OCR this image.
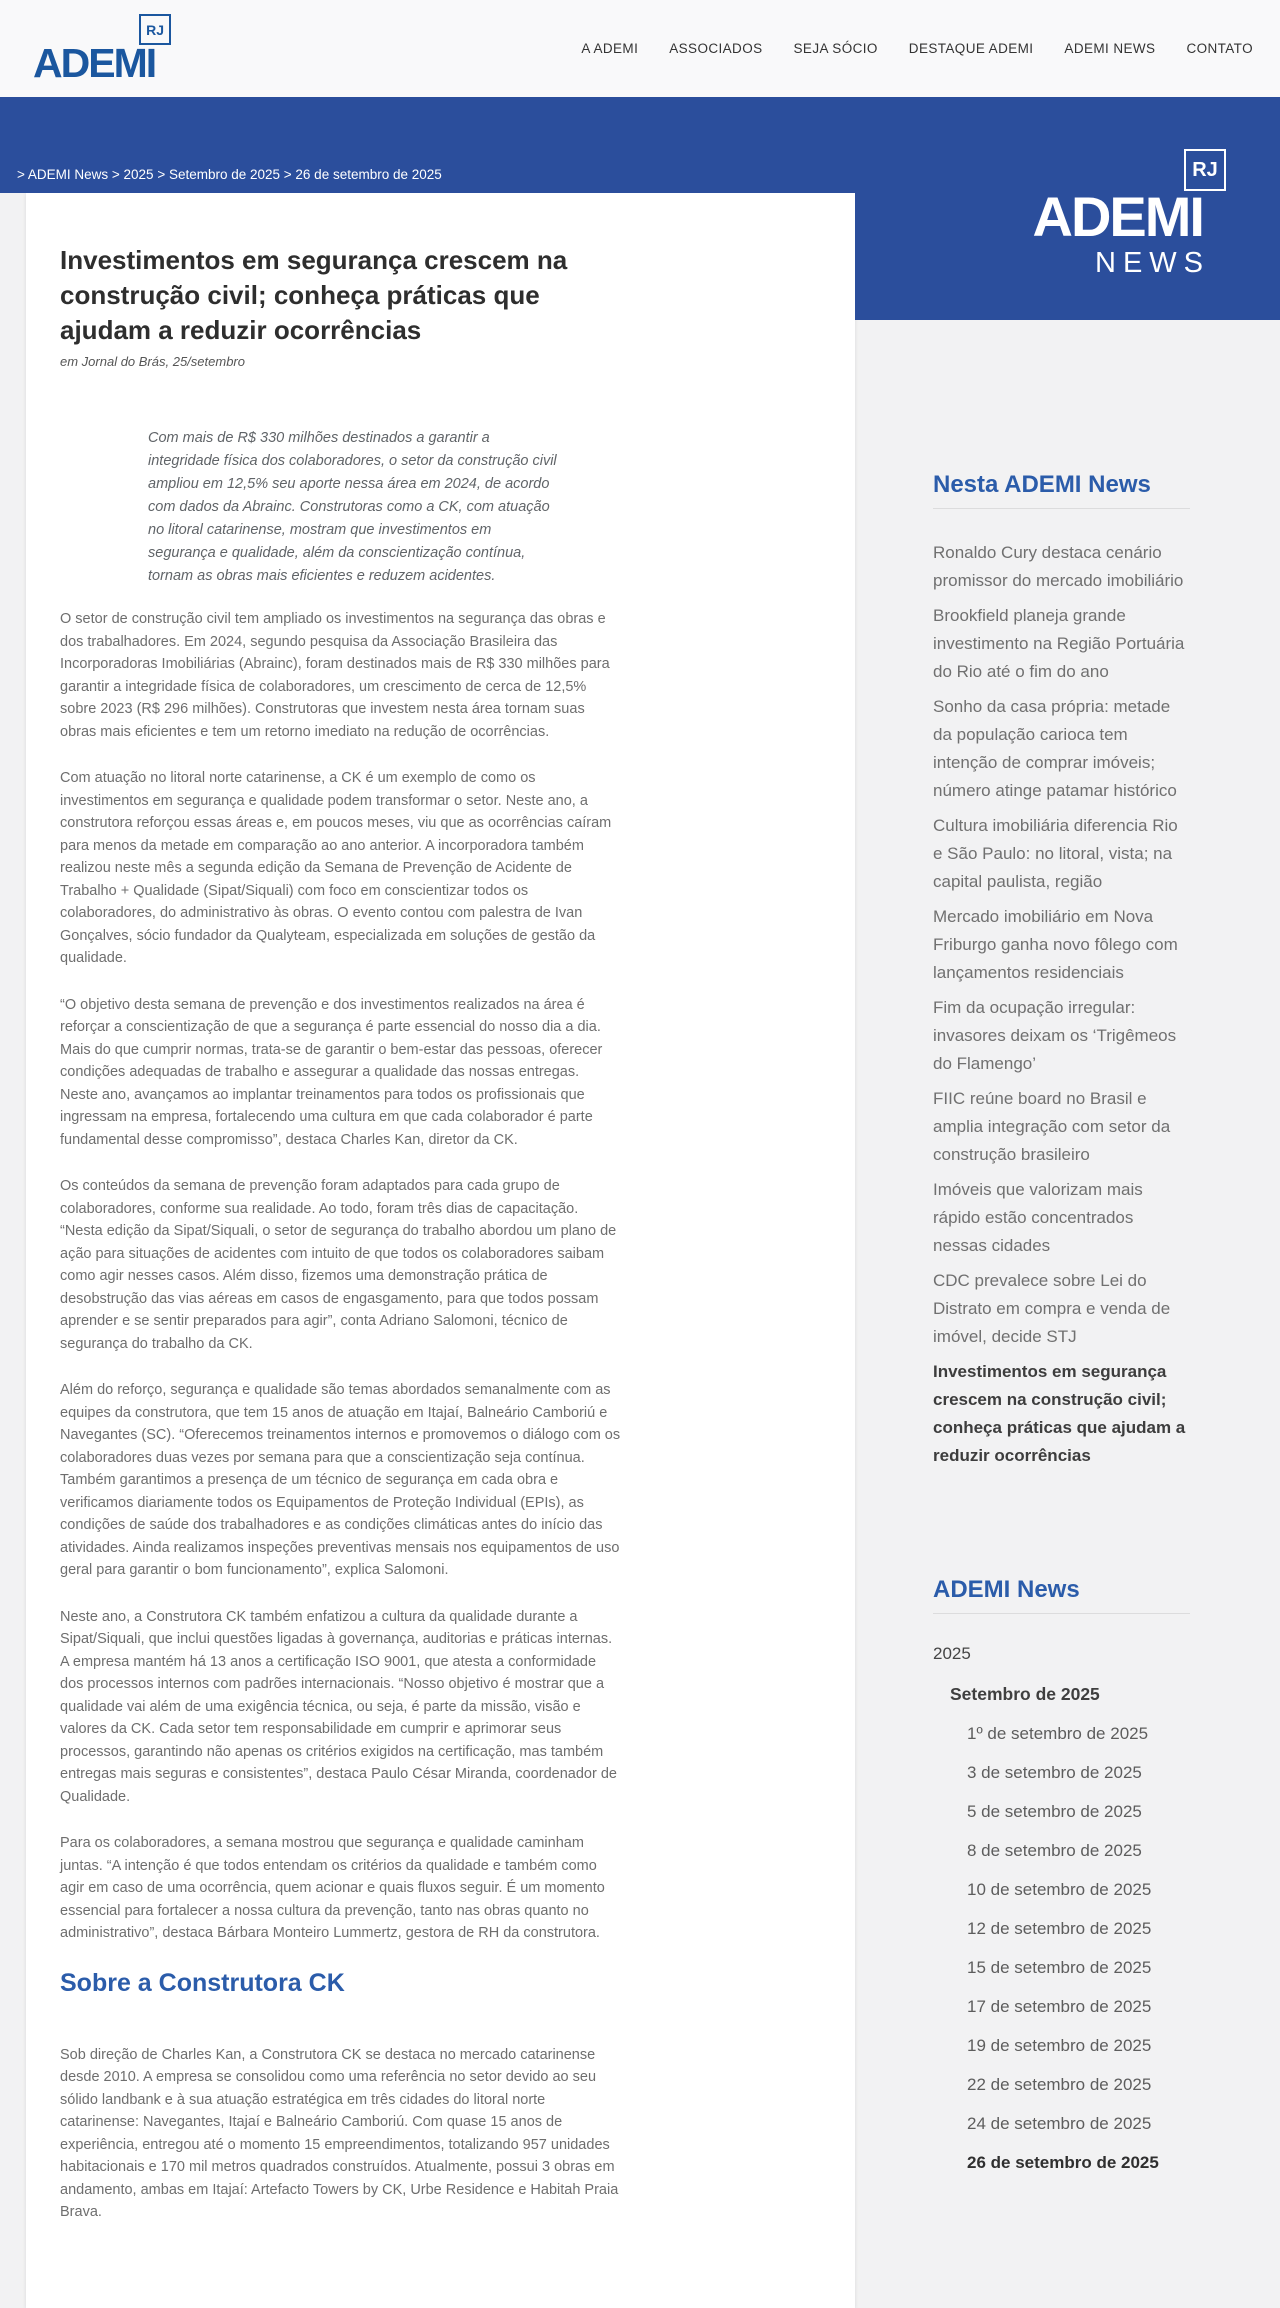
ADEMI
RJ
A ADEMI ASSOCIADOS SEJA SÓCIO DESTAQUE ADEMI ADEMI NEWS CONTATO
> ADEMI News > 2025 > Setembro de 2025 > 26 de setembro de 2025
Investimentos em segurança crescem na construção civil; conheça práticas que ajudam a reduzir ocorrências
em Jornal do Brás, 25/setembro
Com mais de R$ 330 milhões destinados a garantir a integridade física dos colaboradores, o setor da construção civil ampliou em 12,5% seu aporte nessa área em 2024, de acordo com dados da Abrainc. Construtoras como a CK, com atuação no litoral catarinense, mostram que investimentos em segurança e qualidade, além da conscientização contínua, tornam as obras mais eficientes e reduzem acidentes.

O setor de construção civil tem ampliado os investimentos na segurança das obras e dos trabalhadores. Em 2024, segundo pesquisa da Associação Brasileira das Incorporadoras Imobiliárias (Abrainc), foram destinados mais de R$ 330 milhões para garantir a integridade física de colaboradores, um crescimento de cerca de 12,5% sobre 2023 (R$ 296 milhões). Construtoras que investem nesta área tornam suas obras mais eficientes e tem um retorno imediato na redução de ocorrências.

Com atuação no litoral norte catarinense, a CK é um exemplo de como os investimentos em segurança e qualidade podem transformar o setor. Neste ano, a construtora reforçou essas áreas e, em poucos meses, viu que as ocorrências caíram para menos da metade em comparação ao ano anterior. A incorporadora também realizou neste mês a segunda edição da Semana de Prevenção de Acidente de Trabalho + Qualidade (Sipat/Siquali) com foco em conscientizar todos os colaboradores, do administrativo às obras. O evento contou com palestra de Ivan Gonçalves, sócio fundador da Qualyteam, especializada em soluções de gestão da qualidade.

“O objetivo desta semana de prevenção e dos investimentos realizados na área é reforçar a conscientização de que a segurança é parte essencial do nosso dia a dia. Mais do que cumprir normas, trata-se de garantir o bem-estar das pessoas, oferecer condições adequadas de trabalho e assegurar a qualidade das nossas entregas. Neste ano, avançamos ao implantar treinamentos para todos os profissionais que ingressam na empresa, fortalecendo uma cultura em que cada colaborador é parte fundamental desse compromisso”, destaca Charles Kan, diretor da CK.

Os conteúdos da semana de prevenção foram adaptados para cada grupo de colaboradores, conforme sua realidade. Ao todo, foram três dias de capacitação. “Nesta edição da Sipat/Siquali, o setor de segurança do trabalho abordou um plano de ação para situações de acidentes com intuito de que todos os colaboradores saibam como agir nesses casos. Além disso, fizemos uma demonstração prática de desobstrução das vias aéreas em casos de engasgamento, para que todos possam aprender e se sentir preparados para agir”, conta Adriano Salomoni, técnico de segurança do trabalho da CK.

Além do reforço, segurança e qualidade são temas abordados semanalmente com as equipes da construtora, que tem 15 anos de atuação em Itajaí, Balneário Camboriú e Navegantes (SC). “Oferecemos treinamentos internos e promovemos o diálogo com os colaboradores duas vezes por semana para que a conscientização seja contínua. Também garantimos a presença de um técnico de segurança em cada obra e verificamos diariamente todos os Equipamentos de Proteção Individual (EPIs), as condições de saúde dos trabalhadores e as condições climáticas antes do início das atividades. Ainda realizamos inspeções preventivas mensais nos equipamentos de uso geral para garantir o bom funcionamento”, explica Salomoni.

Neste ano, a Construtora CK também enfatizou a cultura da qualidade durante a Sipat/Siquali, que inclui questões ligadas à governança, auditorias e práticas internas. A empresa mantém há 13 anos a certificação ISO 9001, que atesta a conformidade dos processos internos com padrões internacionais. “Nosso objetivo é mostrar que a qualidade vai além de uma exigência técnica, ou seja, é parte da missão, visão e valores da CK. Cada setor tem responsabilidade em cumprir e aprimorar seus processos, garantindo não apenas os critérios exigidos na certificação, mas também entregas mais seguras e consistentes”, destaca Paulo César Miranda, coordenador de Qualidade.

Para os colaboradores, a semana mostrou que segurança e qualidade caminham juntas. “A intenção é que todos entendam os critérios da qualidade e também como agir em caso de uma ocorrência, quem acionar e quais fluxos seguir. É um momento essencial para fortalecer a nossa cultura da prevenção, tanto nas obras quanto no administrativo”, destaca Bárbara Monteiro Lummertz, gestora de RH da construtora.

Sobre a Construtora CK

Sob direção de Charles Kan, a Construtora CK se destaca no mercado catarinense desde 2010. A empresa se consolidou como uma referência no setor devido ao seu sólido landbank e à sua atuação estratégica em três cidades do litoral norte catarinense: Navegantes, Itajaí e Balneário Camboriú. Com quase 15 anos de experiência, entregou até o momento 15 empreendimentos, totalizando 957 unidades habitacionais e 170 mil metros quadrados construídos. Atualmente, possui 3 obras em andamento, ambas em Itajaí: Artefacto Towers by CK, Urbe Residence e Habitah Praia Brava.

RJ
ADEMI
NEWS
Nesta ADEMI News
Ronaldo Cury destaca cenário promissor do mercado imobiliário
Brookfield planeja grande investimento na Região Portuária do Rio até o fim do ano
Sonho da casa própria: metade da população carioca tem intenção de comprar imóveis; número atinge patamar histórico
Cultura imobiliária diferencia Rio e São Paulo: no litoral, vista; na capital paulista, região
Mercado imobiliário em Nova Friburgo ganha novo fôlego com lançamentos residenciais
Fim da ocupação irregular: invasores deixam os ‘Trigêmeos do Flamengo’
FIIC reúne board no Brasil e amplia integração com setor da construção brasileiro
Imóveis que valorizam mais rápido estão concentrados nessas cidades
CDC prevalece sobre Lei do Distrato em compra e venda de imóvel, decide STJ
Investimentos em segurança crescem na construção civil; conheça práticas que ajudam a reduzir ocorrências
ADEMI News
2025
Setembro de 2025
1º de setembro de 2025
3 de setembro de 2025
5 de setembro de 2025
8 de setembro de 2025
10 de setembro de 2025
12 de setembro de 2025
15 de setembro de 2025
17 de setembro de 2025
19 de setembro de 2025
22 de setembro de 2025
24 de setembro de 2025
26 de setembro de 2025
